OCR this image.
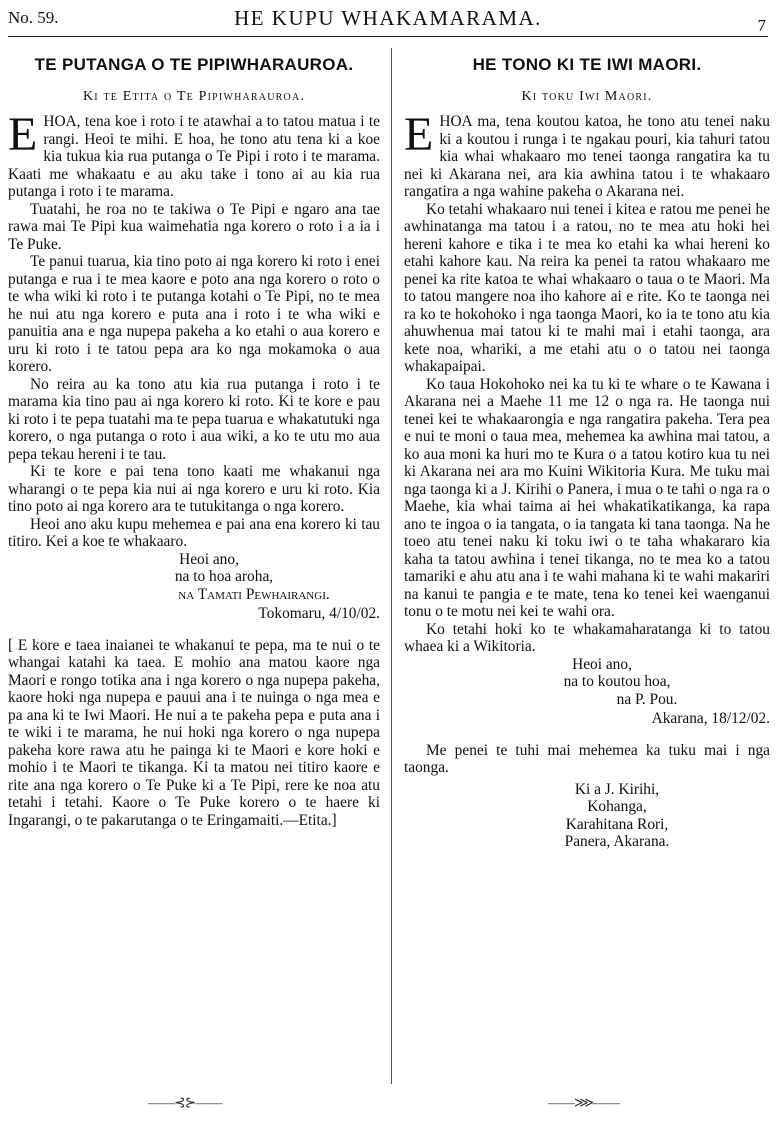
No. 59.	HE KUPU WHAKAMARAMA.	7
TE PUTANGA O TE PIPIWHARAUROA.
Ki te Etita o Te Pipiwharauroa.

EHOA, tena koe i roto i te atawhai a to tatou matua i te rangi. Heoi te mihi. E hoa, he tono atu tena ki a koe kia tukua kia rua putanga o Te Pipi i roto i te marama. Kaati me whakaatu e au aku take i tono ai au kia rua putanga i roto i te marama.

Tuatahi, he roa no te takiwa o Te Pipi e ngaro ana tae rawa mai Te Pipi kua waimehatia nga korero o roto i a ia i Te Puke.

Te panui tuarua, kia tino poto ai nga korero ki roto i enei putanga e rua i te mea kaore e poto ana nga korero o roto o te wha wiki ki roto i te putanga kotahi o Te Pipi, no te mea he nui atu nga korero e puta ana i roto i te wha wiki e panuitia ana e nga nupepa pakeha a ko etahi o aua korero e uru ki roto i te tatou pepa ara ko nga mokamoka o aua korero.

No reira au ka tono atu kia rua putanga i roto i te marama kia tino pau ai nga korero ki roto. Ki te kore e pau ki roto i te pepa tuatahi ma te pepa tuarua e whakatutuki nga korero, o nga putanga o roto i aua wiki, a ko te utu mo aua pepa tekau hereni i te tau.

Ki te kore e pai tena tono kaati me whakanui nga wharangi o te pepa kia nui ai nga korero e uru ki roto. Kia tino poto ai nga korero ara te tutukitanga o nga korero.

Heoi ano aku kupu mehemea e pai ana ena korero ki tau titiro. Kei a koe te whakaaro.

Heoi ano,
na to hoa aroha,
na Tamati Pewhairangi.
Tokomaru, 4/10/02.

[ E kore e taea inaianei te whakanui te pepa, ma te nui o te whangai katahi ka taea. E mohio ana matou kaore nga Maori e rongo totika ana i nga korero o nga nupepa pakeha, kaore hoki nga nupepa e pauui ana i te nuinga o nga mea e pa ana ki te Iwi Maori. He nui a te pakeha pepa e puta ana i te wiki i te marama, he nui hoki nga korero o nga nupepa pakeha kore rawa atu he painga ki te Maori e kore hoki e mohio i te Maori te tikanga. Ki ta matou nei titiro kaore e rite ana nga korero o Te Puke ki a Te Pipi, rere ke noa atu tetahi i tetahi. Kaore o Te Puke korero o te haere ki Ingarangi, o te pakarutanga o te Eringamaiti.—Etita.]

HE TONO KI TE IWI MAORI.
Ki toku Iwi Maori.

EHOA ma, tena koutou katoa, he tono atu tenei naku ki a koutou i runga i te ngakau pouri, kia tahuri tatou kia whai whakaaro mo tenei taonga rangatira ka tu nei ki Akarana nei, ara kia awhina tatou i te whakaaro rangatira a nga wahine pakeha o Akarana nei.

Ko tetahi whakaaro nui tenei i kitea e ratou me penei he awhinatanga ma tatou i a ratou, no te mea atu hoki hei hereni kahore e tika i te mea ko etahi ka whai hereni ko etahi kahore kau. Na reira ka penei ta ratou whakaaro me penei ka rite katoa te whai whakaaro o taua o te Maori. Ma to tatou mangere noa iho kahore ai e rite. Ko te taonga nei ra ko te hokohoko i nga taonga Maori, ko ia te tono atu kia ahuwhenua mai tatou ki te mahi mai i etahi taonga, ara kete noa, whariki, a me etahi atu o o tatou nei taonga whakapaipai.

Ko taua Hokohoko nei ka tu ki te whare o te Kawana i Akarana nei a Maehe 11 me 12 o nga ra. He taonga nui tenei kei te whakaarongia e nga rangatira pakeha. Tera pea e nui te moni o taua mea, mehemea ka awhina mai tatou, a ko aua moni ka huri mo te Kura o a tatou kotiro kua tu nei ki Akarana nei ara mo Kuini Wikitoria Kura. Me tuku mai nga taonga ki a J. Kirihi o Panera, i mua o te tahi o nga ra o Maehe, kia whai taima ai hei whakatikatikanga, ka rapa ano te ingoa o ia tangata, o ia tangata ki tana taonga. Na he toeo atu tenei naku ki toku iwi o te taha whakararo kia kaha ta tatou awhina i tenei tikanga, no te mea ko a tatou tamariki e ahu atu ana i te wahi mahana ki te wahi makariri na kanui te pangia e te mate, tena ko tenei kei waenganui tonu o te motu nei kei te wahi ora.

Ko tetahi hoki ko te whakamaharatanga ki to tatou whaea ki a Wikitoria.

Heoi ano,
na to koutou hoa,
na P. Pou.
Akarana, 18/12/02.

Me penei te tuhi mai mehemea ka tuku mai i nga taonga.

Ki a J. Kirihi,
Kohanga,
Karahitana Rori,
Panera, Akarana.
——⊰⊱——	——⋙——
